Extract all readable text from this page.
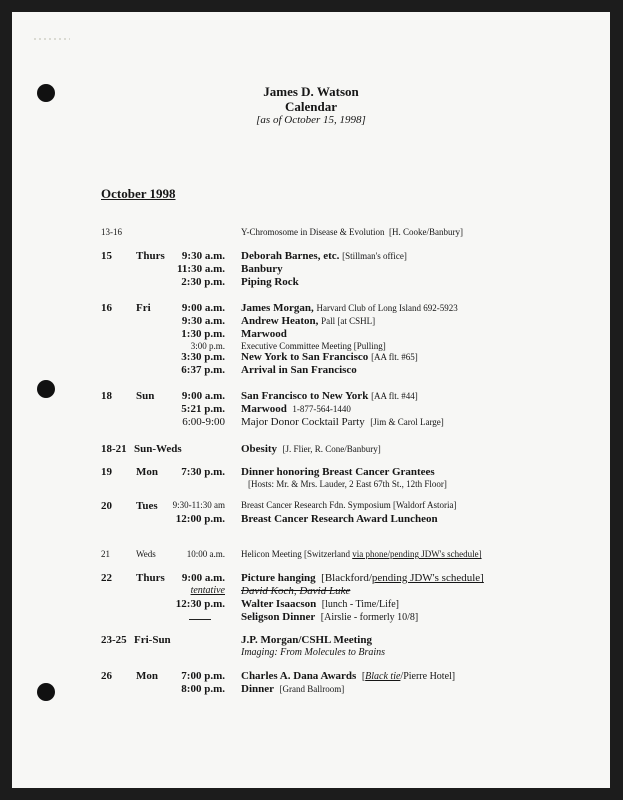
James D. Watson
Calendar
[as of October 15, 1998]
October 1998
13-16	Y-Chromosome in Disease & Evolution [H. Cooke/Banbury]
15 Thurs 9:30 a.m. Deborah Barnes, etc. [Stillman's office]
11:30 a.m. Banbury
2:30 p.m. Piping Rock
16 Fri	9:00 a.m. James Morgan, Harvard Club of Long Island 692-5923
9:30 a.m. Andrew Heaton, Pall [at CSHL]
1:30 p.m. Marwood
3:00 p.m. Executive Committee Meeting [Pulling]
3:30 p.m. New York to San Francisco [AA flt. #65]
6:37 p.m. Arrival in San Francisco
18 Sun	9:00 a.m. San Francisco to New York [AA flt. #44]
5:21 p.m. Marwood 1-877-564-1440
6:00-9:00 Major Donor Cocktail Party [Jim & Carol Large]
18-21 Sun-Weds	Obesity [J. Flier, R. Cone/Banbury]
19 Mon 7:30 p.m. Dinner honoring Breast Cancer Grantees
[Hosts: Mr. & Mrs. Lauder, 2 East 67th St., 12th Floor]
20 Tues 9:30-11:30 am Breast Cancer Research Fdn. Symposium [Waldorf Astoria]
12:00 p.m. Breast Cancer Research Award Luncheon
21	Weds	10:00 a.m. Helicon Meeting [Switzerland via phone/pending JDW's schedule]
22 Thurs 9:00 a.m. Picture hanging [Blackford/pending JDW's schedule]
tentative David Koch, David Luke
12:30 p.m. Walter Isaacson [lunch - Time/Life]
Seligson Dinner [Airslie - formerly 10/8]
23-25 Fri-Sun	J.P. Morgan/CSHL Meeting
Imaging: From Molecules to Brains
26 Mon 7:00 p.m. Charles A. Dana Awards [Black tie/Pierre Hotel]
8:00 p.m. Dinner [Grand Ballroom]
